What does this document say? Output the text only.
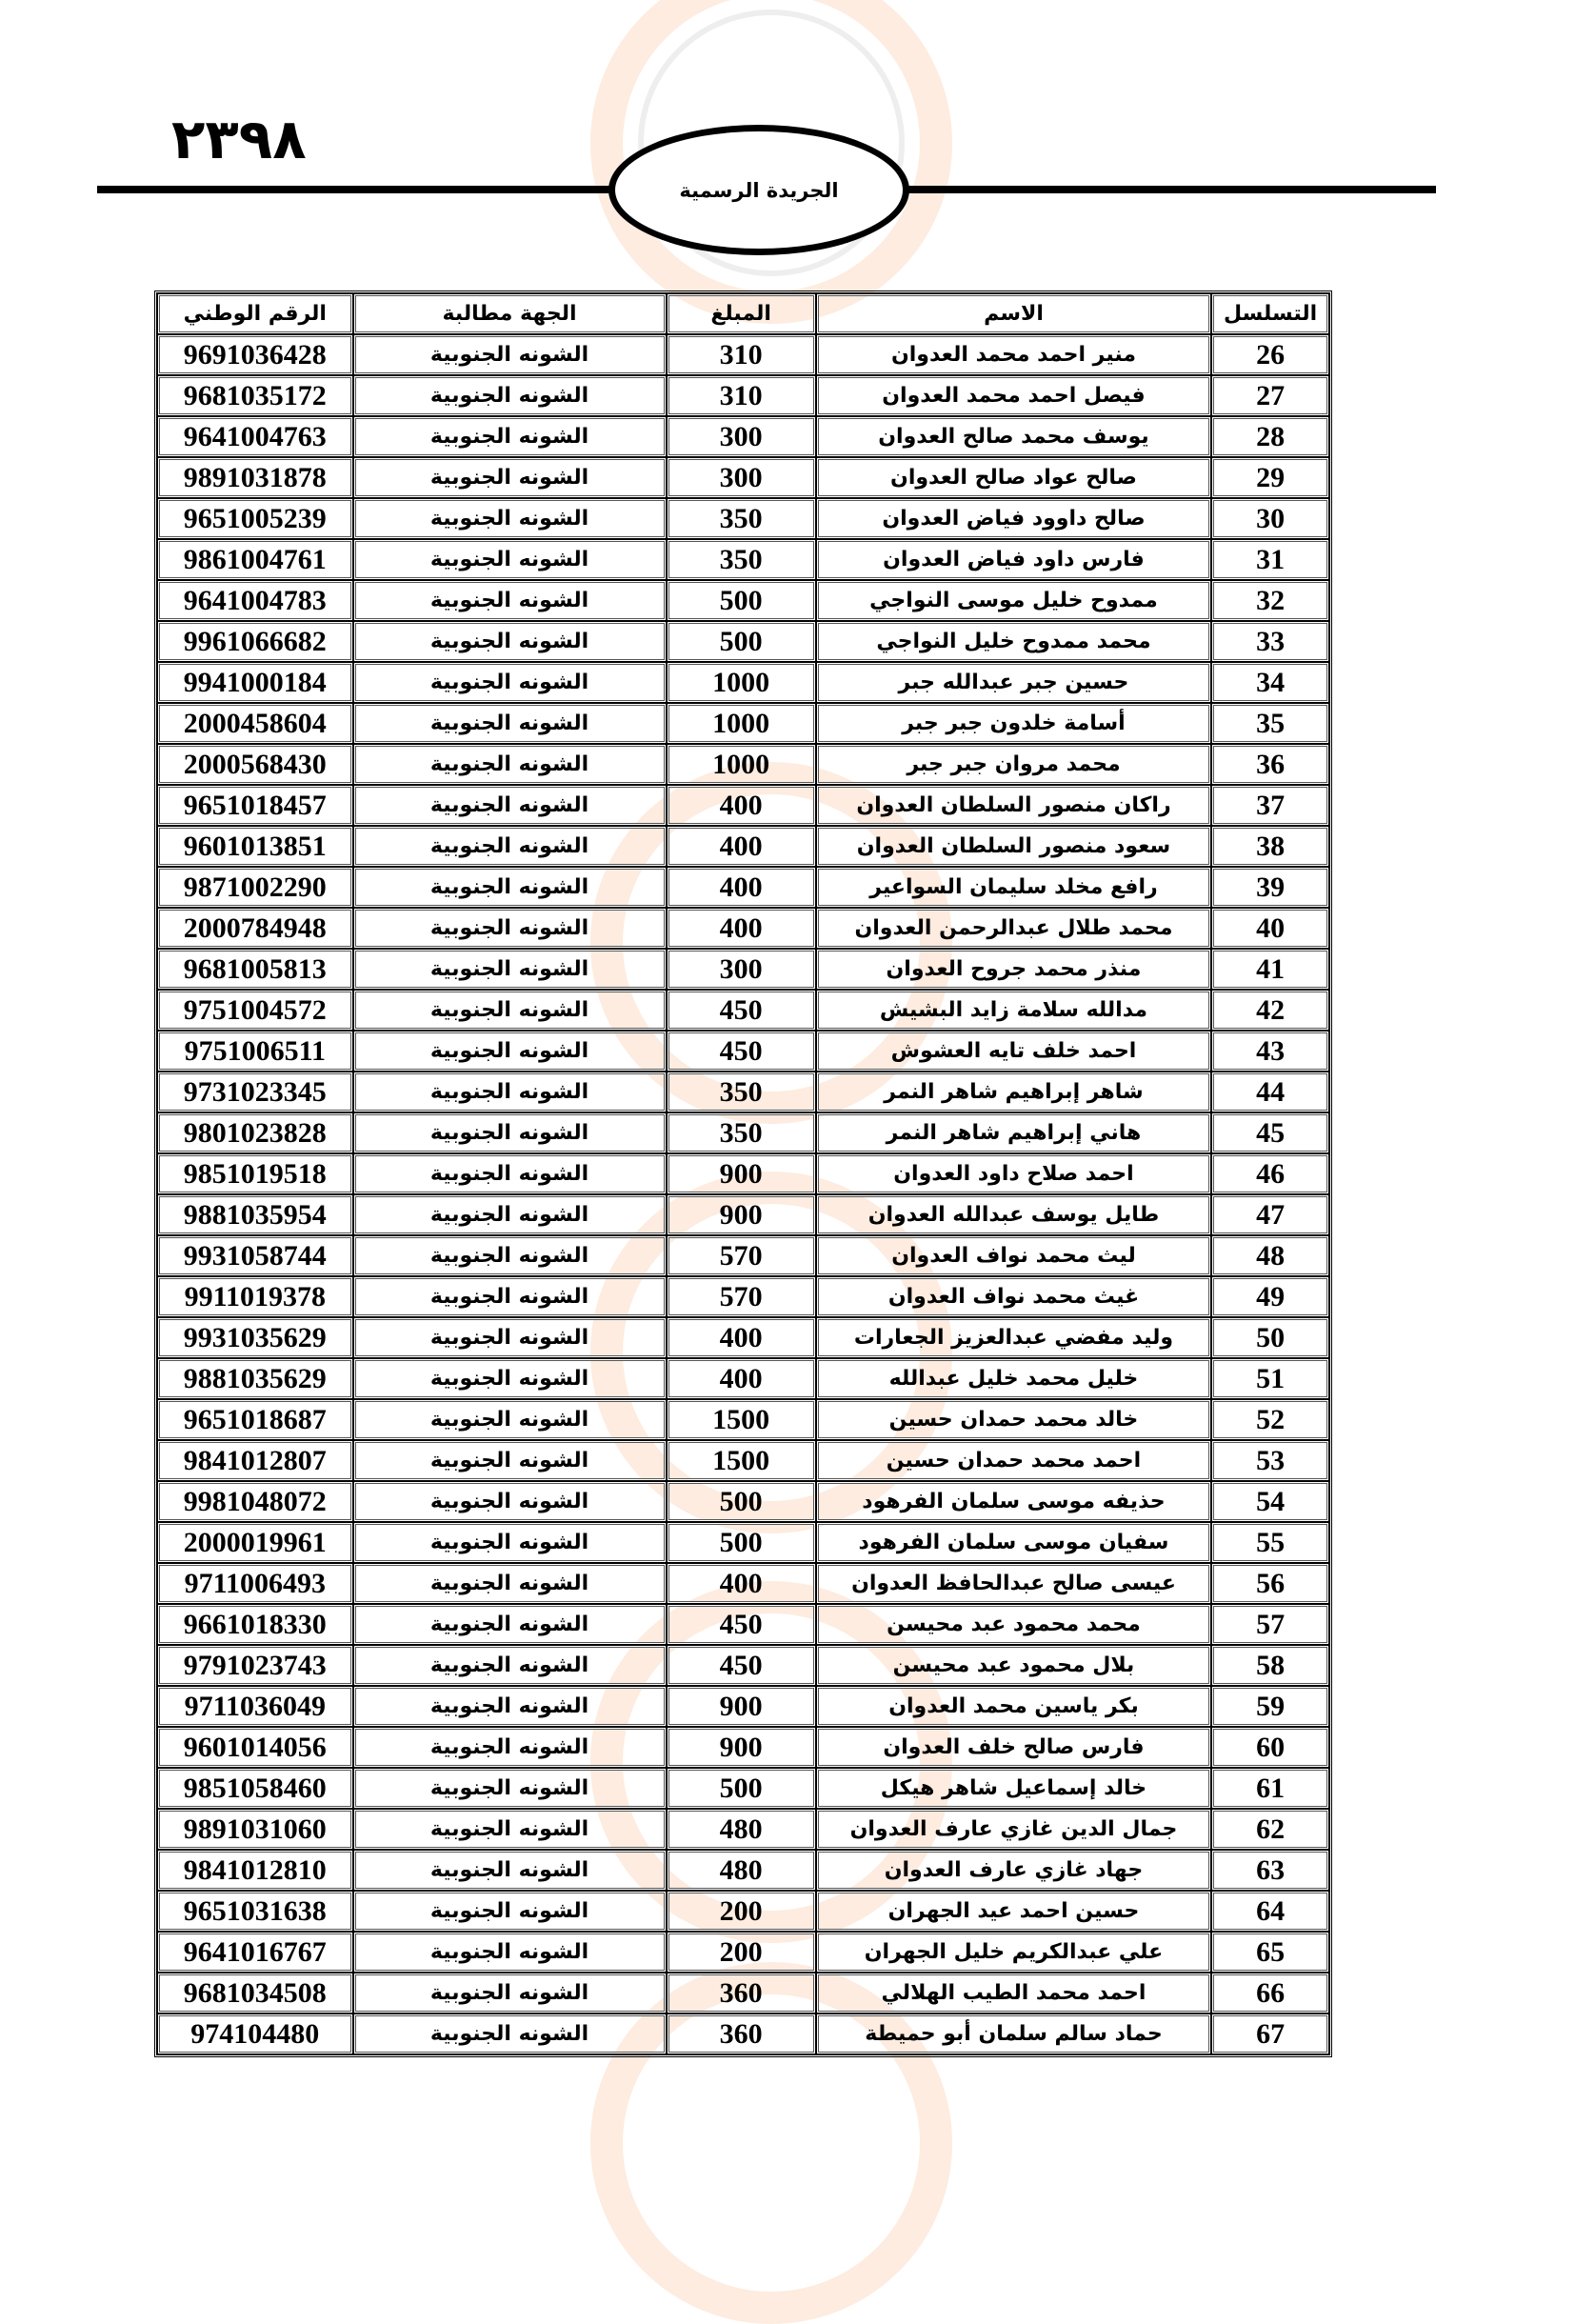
٢٣٩٨
الجريدة الرسمية
التسلسل	الاسم	المبلغ	الجهة مطالبة	الرقم الوطني
26	منير احمد محمد العدوان	310	الشونه الجنوبية	9691036428
27	فيصل احمد محمد العدوان	310	الشونه الجنوبية	9681035172
28	يوسف محمد صالح العدوان	300	الشونه الجنوبية	9641004763
29	صالح عواد صالح العدوان	300	الشونه الجنوبية	9891031878
30	صالح داوود فياض العدوان	350	الشونه الجنوبية	9651005239
31	فارس داود فياض العدوان	350	الشونه الجنوبية	9861004761
32	ممدوح خليل موسى النواجي	500	الشونه الجنوبية	9641004783
33	محمد ممدوح خليل النواجي	500	الشونه الجنوبية	9961066682
34	حسين جبر عبدالله جبر	1000	الشونه الجنوبية	9941000184
35	أسامة خلدون جبر جبر	1000	الشونه الجنوبية	2000458604
36	محمد مروان جبر جبر	1000	الشونه الجنوبية	2000568430
37	راكان منصور السلطان العدوان	400	الشونه الجنوبية	9651018457
38	سعود منصور السلطان العدوان	400	الشونه الجنوبية	9601013851
39	رافع مخلد سليمان السواعير	400	الشونه الجنوبية	9871002290
40	محمد طلال عبدالرحمن العدوان	400	الشونه الجنوبية	2000784948
41	منذر محمد جروح العدوان	300	الشونه الجنوبية	9681005813
42	مدالله سلامة زايد البشيش	450	الشونه الجنوبية	9751004572
43	احمد خلف تايه العشوش	450	الشونه الجنوبية	9751006511
44	شاهر إبراهيم شاهر النمر	350	الشونه الجنوبية	9731023345
45	هاني إبراهيم شاهر النمر	350	الشونه الجنوبية	9801023828
46	احمد صلاح داود العدوان	900	الشونه الجنوبية	9851019518
47	طايل يوسف عبدالله العدوان	900	الشونه الجنوبية	9881035954
48	ليث محمد نواف العدوان	570	الشونه الجنوبية	9931058744
49	غيث محمد نواف العدوان	570	الشونه الجنوبية	9911019378
50	وليد مفضي عبدالعزيز الجعارات	400	الشونه الجنوبية	9931035629
51	خليل محمد خليل عبدالله	400	الشونه الجنوبية	9881035629
52	خالد محمد حمدان حسين	1500	الشونه الجنوبية	9651018687
53	احمد محمد حمدان حسين	1500	الشونه الجنوبية	9841012807
54	حذيفه موسى سلمان الفرهود	500	الشونه الجنوبية	9981048072
55	سفيان موسى سلمان الفرهود	500	الشونه الجنوبية	2000019961
56	عيسى صالح عبدالحافظ العدوان	400	الشونه الجنوبية	9711006493
57	محمد محمود عبد محيسن	450	الشونه الجنوبية	9661018330
58	بلال محمود عبد محيسن	450	الشونه الجنوبية	9791023743
59	بكر ياسين محمد العدوان	900	الشونه الجنوبية	9711036049
60	فارس صالح خلف العدوان	900	الشونه الجنوبية	9601014056
61	خالد إسماعيل شاهر هيكل	500	الشونه الجنوبية	9851058460
62	جمال الدين غازي عارف العدوان	480	الشونه الجنوبية	9891031060
63	جهاد غازي عارف العدوان	480	الشونه الجنوبية	9841012810
64	حسين احمد عيد الجهران	200	الشونه الجنوبية	9651031638
65	علي عبدالكريم خليل الجهران	200	الشونه الجنوبية	9641016767
66	احمد محمد الطيب الهلالي	360	الشونه الجنوبية	9681034508
67	حماد سالم سلمان أبو حميطة	360	الشونه الجنوبية	974104480
